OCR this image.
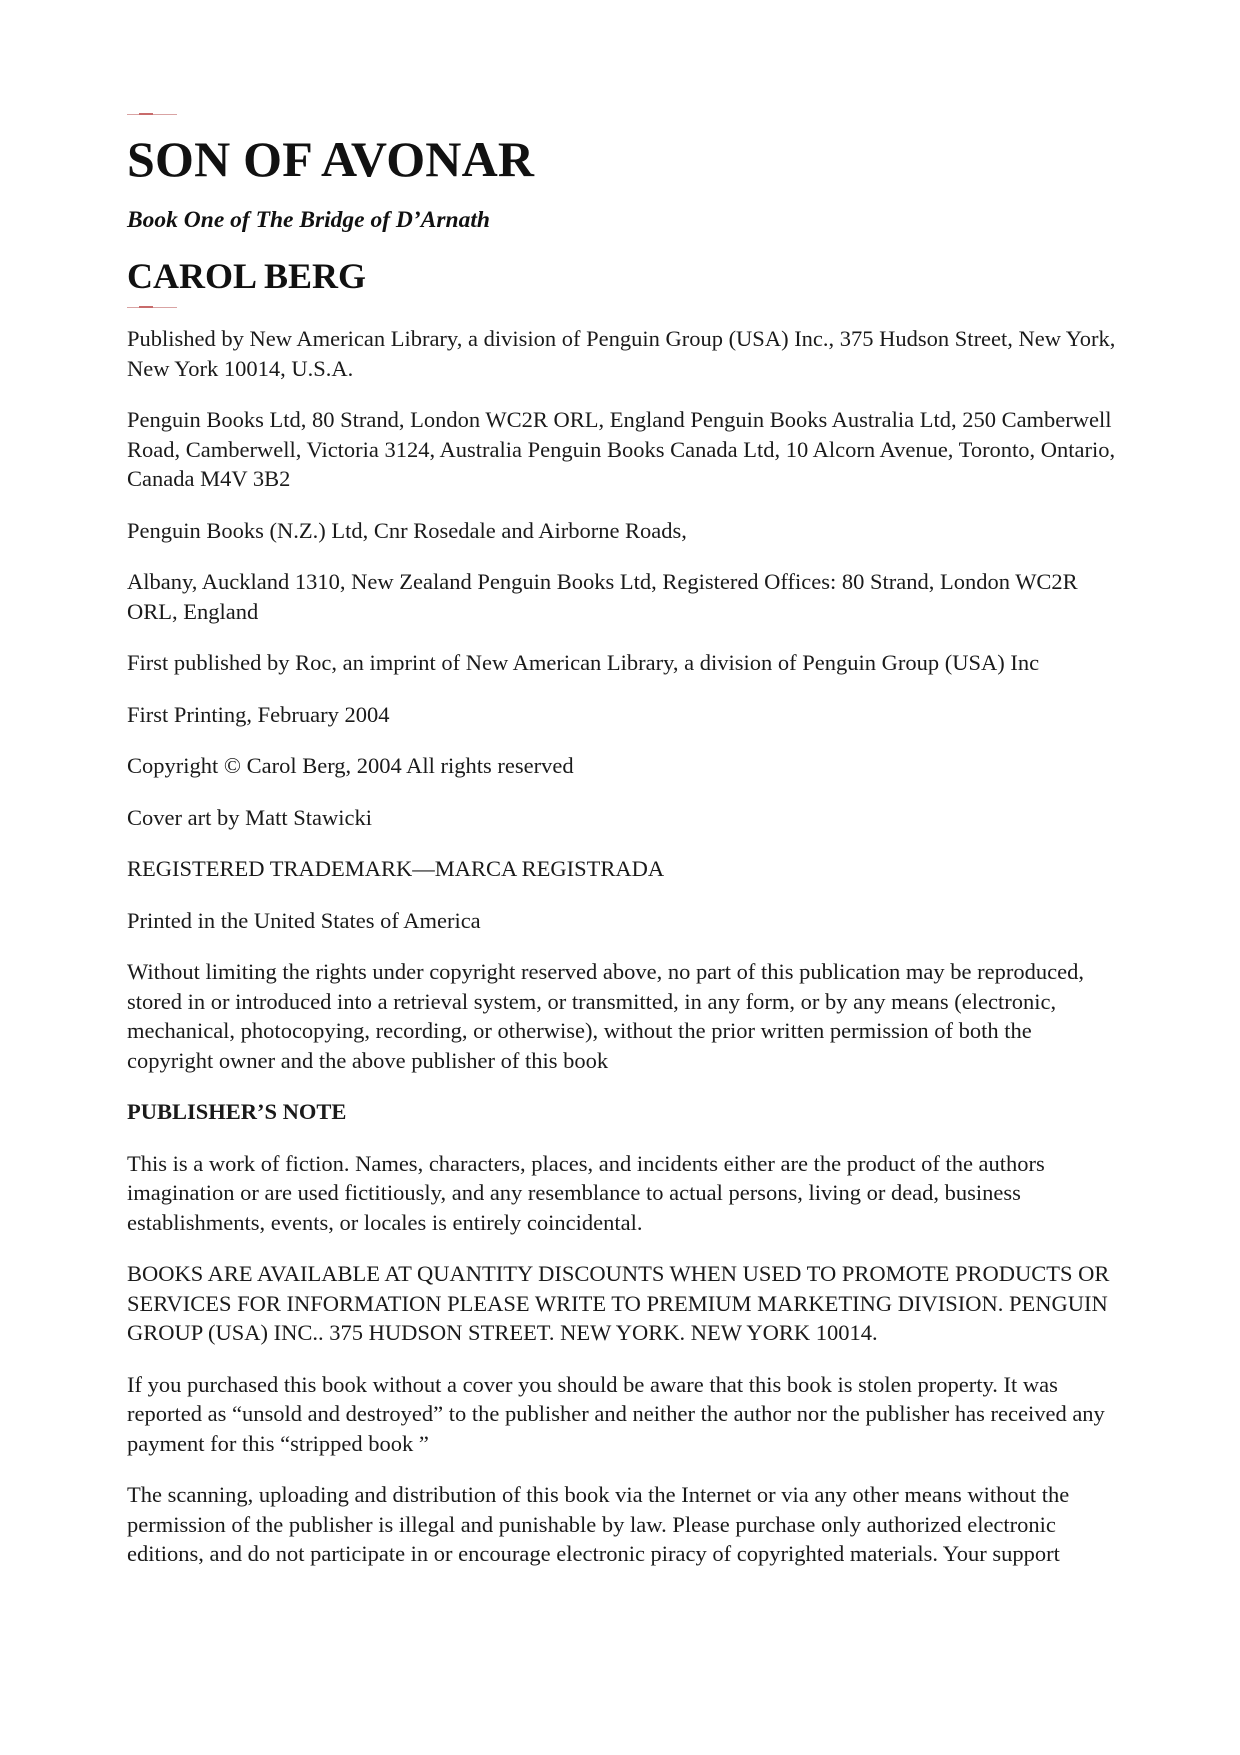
SON OF AVONAR
Book One of The Bridge of D’Arnath
CAROL BERG

Published by New American Library, a division of Penguin Group (USA) Inc., 375 Hudson Street, New York, New York 10014, U.S.A.

Penguin Books Ltd, 80 Strand, London WC2R ORL, England Penguin Books Australia Ltd, 250 Camberwell Road, Camberwell, Victoria 3124, Australia Penguin Books Canada Ltd, 10 Alcorn Avenue, Toronto, Ontario, Canada M4V 3B2

Penguin Books (N.Z.) Ltd, Cnr Rosedale and Airborne Roads,

Albany, Auckland 1310, New Zealand Penguin Books Ltd, Registered Offices: 80 Strand, London WC2R ORL, England

First published by Roc, an imprint of New American Library, a division of Penguin Group (USA) Inc

First Printing, February 2004

Copyright © Carol Berg, 2004 All rights reserved

Cover art by Matt Stawicki

REGISTERED TRADEMARK—MARCA REGISTRADA

Printed in the United States of America

Without limiting the rights under copyright reserved above, no part of this publication may be reproduced, stored in or introduced into a retrieval system, or transmitted, in any form, or by any means (electronic, mechanical, photocopying, recording, or otherwise), without the prior written permission of both the copyright owner and the above publisher of this book

PUBLISHER’S NOTE

This is a work of fiction. Names, characters, places, and incidents either are the product of the authors imagination or are used fictitiously, and any resemblance to actual persons, living or dead, business establishments, events, or locales is entirely coincidental.

BOOKS ARE AVAILABLE AT QUANTITY DISCOUNTS WHEN USED TO PROMOTE PRODUCTS OR SERVICES FOR INFORMATION PLEASE WRITE TO PREMIUM MARKETING DIVISION. PENGUIN GROUP (USA) INC.. 375 HUDSON STREET. NEW YORK. NEW YORK 10014.

If you purchased this book without a cover you should be aware that this book is stolen property. It was reported as “unsold and destroyed” to the publisher and neither the author nor the publisher has received any payment for this “stripped book ”

The scanning, uploading and distribution of this book via the Internet or via any other means without the permission of the publisher is illegal and punishable by law. Please purchase only authorized electronic editions, and do not participate in or encourage electronic piracy of copyrighted materials. Your support
